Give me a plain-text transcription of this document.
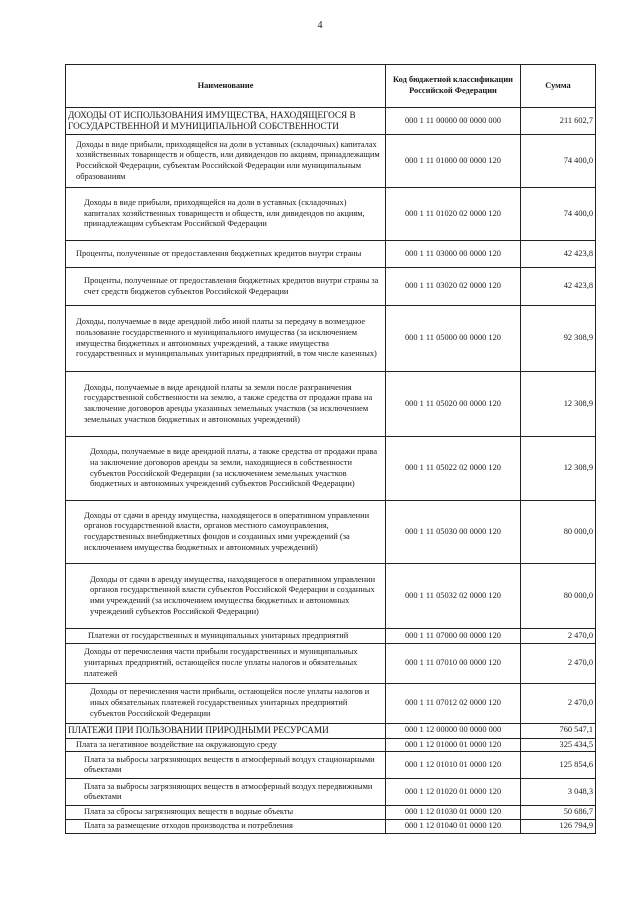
4
Наименование	Код бюджетной классификации Российской Федерации	Сумма
ДОХОДЫ ОТ ИСПОЛЬЗОВАНИЯ ИМУЩЕСТВА, НАХОДЯЩЕГОСЯ В ГОСУДАРСТВЕННОЙ И МУНИЦИПАЛЬНОЙ СОБСТВЕННОСТИ	000 1 11 00000 00 0000 000	211 602,7
Доходы в виде прибыли, приходящейся на доли в уставных (складочных) капиталах хозяйственных товариществ и обществ, или дивидендов по акциям, принадлежащим Российской Федерации, субъектам Российской Федерации или муниципальным образованиям	000 1 11 01000 00 0000 120	74 400,0
Доходы в виде прибыли, приходящейся на доли в уставных (складочных) капиталах хозяйственных товариществ и обществ, или дивидендов по акциям, принадлежащим субъектам Российской Федерации	000 1 11 01020 02 0000 120	74 400,0
Проценты, полученные от предоставления бюджетных кредитов внутри страны	000 1 11 03000 00 0000 120	42 423,8
Проценты, полученные от предоставления бюджетных кредитов внутри страны за счет средств бюджетов субъектов Российской Федерации	000 1 11 03020 02 0000 120	42 423,8
Доходы, получаемые в виде арендной либо иной платы за передачу в возмездное пользование государственного и муниципального имущества (за исключением имущества бюджетных и автономных учреждений, а также имущества государственных и муниципальных унитарных предприятий, в том числе казенных)	000 1 11 05000 00 0000 120	92 308,9
Доходы, получаемые в виде арендной платы за земли после разграничения государственной собственности на землю, а также средства от продажи права на заключение договоров аренды указанных земельных участков (за исключением земельных участков бюджетных и автономных учреждений)	000 1 11 05020 00 0000 120	12 308,9
Доходы, получаемые в виде арендной платы, а также средства от продажи права на заключение договоров аренды за земли, находящиеся в собственности субъектов Российской Федерации (за исключением земельных участков бюджетных и автономных учреждений субъектов Российской Федерации)	000 1 11 05022 02 0000 120	12 308,9
Доходы от сдачи в аренду имущества, находящегося в оперативном управлении органов государственной власти, органов местного самоуправления, государственных внебюджетных фондов и созданных ими учреждений (за исключением имущества бюджетных и автономных учреждений)	000 1 11 05030 00 0000 120	80 000,0
Доходы от сдачи в аренду имущества, находящегося в оперативном управлении органов государственной власти субъектов Российской Федерации и созданных ими учреждений (за исключением имущества бюджетных и автономных учреждений субъектов Российской Федерации)	000 1 11 05032 02 0000 120	80 000,0
Платежи от государственных и муниципальных унитарных предприятий	000 1 11 07000 00 0000 120	2 470,0
Доходы от перечисления части прибыли государственных и муниципальных унитарных предприятий, остающейся после уплаты налогов и обязательных платежей	000 1 11 07010 00 0000 120	2 470,0
Доходы от перечисления части прибыли, остающейся после уплаты налогов и иных обязательных платежей государственных унитарных предприятий субъектов Российской Федерации	000 1 11 07012 02 0000 120	2 470,0
ПЛАТЕЖИ ПРИ ПОЛЬЗОВАНИИ ПРИРОДНЫМИ РЕСУРСАМИ	000 1 12 00000 00 0000 000	760 547,1
Плата за негативное воздействие на окружающую среду	000 1 12 01000 01 0000 120	325 434,5
Плата за выбросы загрязняющих веществ в атмосферный воздух стационарными объектами	000 1 12 01010 01 0000 120	125 854,6
Плата за выбросы загрязняющих веществ в атмосферный воздух передвижными объектами	000 1 12 01020 01 0000 120	3 048,3
Плата за сбросы загрязняющих веществ в водные объекты	000 1 12 01030 01 0000 120	50 686,7
Плата за размещение отходов производства и потребления	000 1 12 01040 01 0000 120	126 794,9
